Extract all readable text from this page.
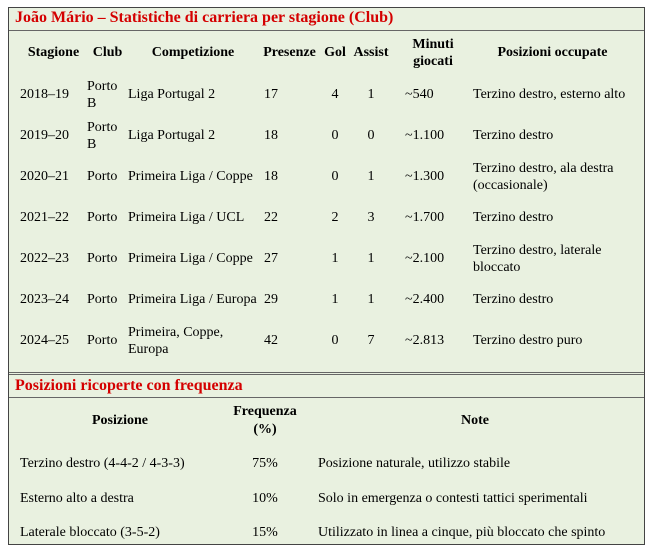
João Mário – Statistiche di carriera per stagione (Club)
Stagione	Club	Competizione	Presenze	Gol	Assist	Minuti giocati	Posizioni occupate
2018–19	Porto B	Liga Portugal 2	17	4	1	~540	Terzino destro, esterno alto
2019–20	Porto B	Liga Portugal 2	18	0	0	~1.100	Terzino destro
2020–21	Porto	Primeira Liga / Coppe	18	0	1	~1.300	Terzino destro, ala destra (occasionale)
2021–22	Porto	Primeira Liga / UCL	22	2	3	~1.700	Terzino destro
2022–23	Porto	Primeira Liga / Coppe	27	1	1	~2.100	Terzino destro, laterale bloccato
2023–24	Porto	Primeira Liga / Europa	29	1	1	~2.400	Terzino destro
2024–25	Porto	Primeira, Coppe, Europa	42	0	7	~2.813	Terzino destro puro
Posizioni ricoperte con frequenza
Posizione	Frequenza (%)	Note
Terzino destro (4-4-2 / 4-3-3)	75%	Posizione naturale, utilizzo stabile
Esterno alto a destra	10%	Solo in emergenza o contesti tattici sperimentali
Laterale bloccato (3-5-2)	15%	Utilizzato in linea a cinque, più bloccato che spinto
